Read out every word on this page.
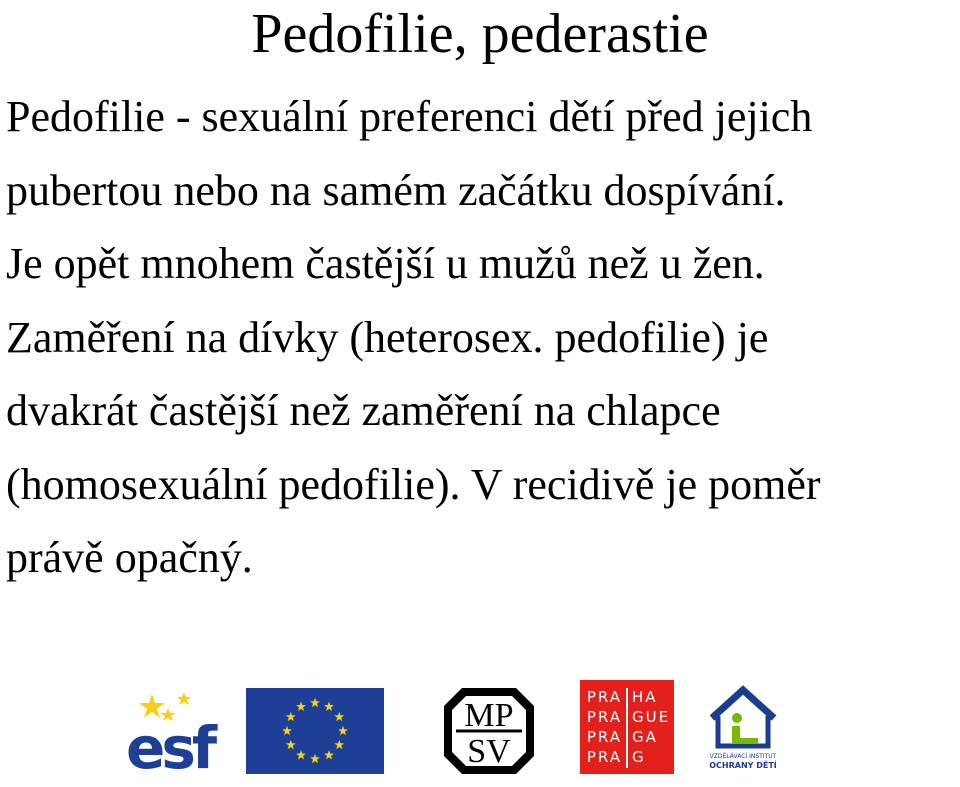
Pedofilie, pederastie
Pedofilie - sexuální preferenci dětí před jejich
pubertou nebo na samém začátku dospívání.
Je opět mnohem častější u mužů než u žen.
Zaměření na dívky (heterosex. pedofilie) je
dvakrát častější než zaměření na chlapce
(homosexuální pedofilie). V recidivě je poměr
právě opačný.
esf	MP
SV
PRA
PRA
PRA
PRA
HA
GUE
GA
G	VZDĚLÁVACÍ INSTITUT
OCHRANY DĚTÍ
